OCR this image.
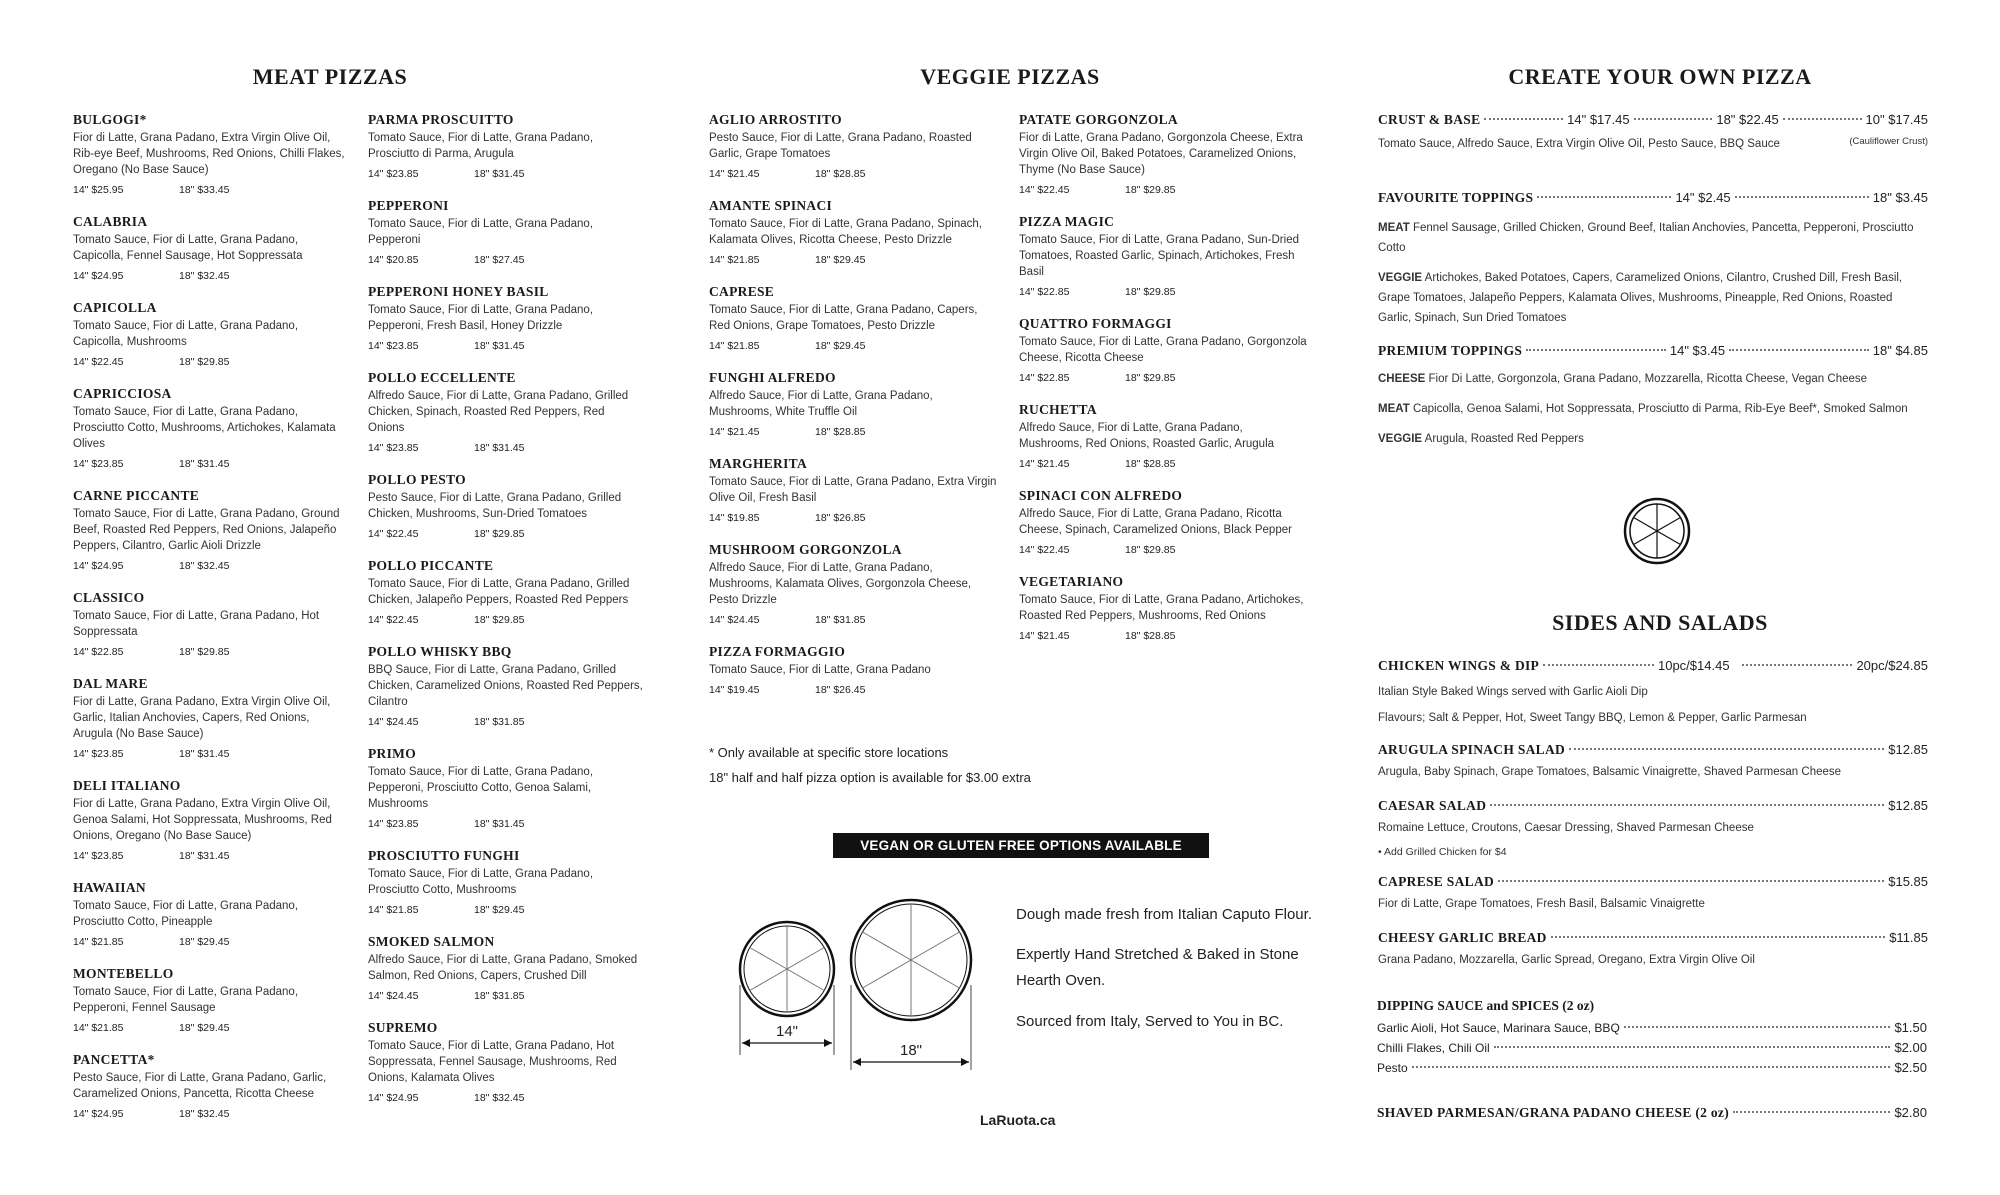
MEAT PIZZAS
BULGOGI*
Fior di Latte, Grana Padano, Extra Virgin Olive Oil, Rib-eye Beef, Mushrooms, Red Onions, Chilli Flakes, Oregano (No Base Sauce)
14" $25.95	18" $33.45
CALABRIA
Tomato Sauce, Fior di Latte, Grana Padano, Capicolla, Fennel Sausage, Hot Soppressata
14" $24.95	18" $32.45
CAPICOLLA
Tomato Sauce, Fior di Latte, Grana Padano, Capicolla, Mushrooms
14" $22.45	18" $29.85
CAPRICCIOSA
Tomato Sauce, Fior di Latte, Grana Padano, Prosciutto Cotto, Mushrooms, Artichokes, Kalamata Olives
14" $23.85	18" $31.45
CARNE PICCANTE
Tomato Sauce, Fior di Latte, Grana Padano, Ground Beef, Roasted Red Peppers, Red Onions, Jalapeño Peppers, Cilantro, Garlic Aioli Drizzle
14" $24.95	18" $32.45
CLASSICO
Tomato Sauce, Fior di Latte, Grana Padano, Hot Soppressata
14" $22.85	18" $29.85
DAL MARE
Fior di Latte, Grana Padano, Extra Virgin Olive Oil, Garlic, Italian Anchovies, Capers, Red Onions, Arugula (No Base Sauce)
14" $23.85	18" $31.45
DELI ITALIANO
Fior di Latte, Grana Padano, Extra Virgin Olive Oil, Genoa Salami, Hot Soppressata, Mushrooms, Red Onions, Oregano (No Base Sauce)
14" $23.85	18" $31.45
HAWAIIAN
Tomato Sauce, Fior di Latte, Grana Padano, Prosciutto Cotto, Pineapple
14" $21.85	18" $29.45
MONTEBELLO
Tomato Sauce, Fior di Latte, Grana Padano, Pepperoni, Fennel Sausage
14" $21.85	18" $29.45
PANCETTA*
Pesto Sauce, Fior di Latte, Grana Padano, Garlic, Caramelized Onions, Pancetta, Ricotta Cheese
14" $24.95	18" $32.45
PARMA PROSCUITTO
Tomato Sauce, Fior di Latte, Grana Padano, Prosciutto di Parma, Arugula
14" $23.85	18" $31.45
PEPPERONI
Tomato Sauce, Fior di Latte, Grana Padano, Pepperoni
14" $20.85	18" $27.45
PEPPERONI HONEY BASIL
Tomato Sauce, Fior di Latte, Grana Padano, Pepperoni, Fresh Basil, Honey Drizzle
14" $23.85	18" $31.45
POLLO ECCELLENTE
Alfredo Sauce, Fior di Latte, Grana Padano, Grilled Chicken, Spinach, Roasted Red Peppers, Red Onions
14" $23.85	18" $31.45
POLLO PESTO
Pesto Sauce, Fior di Latte, Grana Padano, Grilled Chicken, Mushrooms, Sun-Dried Tomatoes
14" $22.45	18" $29.85
POLLO PICCANTE
Tomato Sauce, Fior di Latte, Grana Padano, Grilled Chicken, Jalapeño Peppers, Roasted Red Peppers
14" $22.45	18" $29.85
POLLO WHISKY BBQ
BBQ Sauce, Fior di Latte, Grana Padano, Grilled Chicken, Caramelized Onions, Roasted Red Peppers, Cilantro
14" $24.45	18" $31.85
PRIMO
Tomato Sauce, Fior di Latte, Grana Padano, Pepperoni, Prosciutto Cotto, Genoa Salami, Mushrooms
14" $23.85	18" $31.45
PROSCIUTTO FUNGHI
Tomato Sauce, Fior di Latte, Grana Padano, Prosciutto Cotto, Mushrooms
14" $21.85	18" $29.45
SMOKED SALMON
Alfredo Sauce, Fior di Latte, Grana Padano, Smoked Salmon, Red Onions, Capers, Crushed Dill
14" $24.45	18" $31.85
SUPREMO
Tomato Sauce, Fior di Latte, Grana Padano, Hot Soppressata, Fennel Sausage, Mushrooms, Red Onions, Kalamata Olives
14" $24.95	18" $32.45
VEGGIE PIZZAS
AGLIO ARROSTITO
Pesto Sauce, Fior di Latte, Grana Padano, Roasted Garlic, Grape Tomatoes
14" $21.45	18" $28.85
AMANTE SPINACI
Tomato Sauce, Fior di Latte, Grana Padano, Spinach, Kalamata Olives, Ricotta Cheese, Pesto Drizzle
14" $21.85	18" $29.45
CAPRESE
Tomato Sauce, Fior di Latte, Grana Padano, Capers, Red Onions, Grape Tomatoes, Pesto Drizzle
14" $21.85	18" $29.45
FUNGHI ALFREDO
Alfredo Sauce, Fior di Latte, Grana Padano, Mushrooms, White Truffle Oil
14" $21.45	18" $28.85
MARGHERITA
Tomato Sauce, Fior di Latte, Grana Padano, Extra Virgin Olive Oil, Fresh Basil
14" $19.85	18" $26.85
MUSHROOM GORGONZOLA
Alfredo Sauce, Fior di Latte, Grana Padano, Mushrooms, Kalamata Olives, Gorgonzola Cheese, Pesto Drizzle
14" $24.45	18" $31.85
PIZZA FORMAGGIO
Tomato Sauce, Fior di Latte, Grana Padano
14" $19.45	18" $26.45
PATATE GORGONZOLA
Fior di Latte, Grana Padano, Gorgonzola Cheese, Extra Virgin Olive Oil, Baked Potatoes, Caramelized Onions, Thyme (No Base Sauce)
14" $22.45	18" $29.85
PIZZA MAGIC
Tomato Sauce, Fior di Latte, Grana Padano, Sun-Dried Tomatoes, Roasted Garlic, Spinach, Artichokes, Fresh Basil
14" $22.85	18" $29.85
QUATTRO FORMAGGI
Tomato Sauce, Fior di Latte, Grana Padano, Gorgonzola Cheese, Ricotta Cheese
14" $22.85	18" $29.85
RUCHETTA
Alfredo Sauce, Fior di Latte, Grana Padano, Mushrooms, Red Onions, Roasted Garlic, Arugula
14" $21.45	18" $28.85
SPINACI CON ALFREDO
Alfredo Sauce, Fior di Latte, Grana Padano, Ricotta Cheese, Spinach, Caramelized Onions, Black Pepper
14" $22.45	18" $29.85
VEGETARIANO
Tomato Sauce, Fior di Latte, Grana Padano, Artichokes, Roasted Red Peppers, Mushrooms, Red Onions
14" $21.45	18" $28.85
* Only available at specific store locations
18" half and half pizza option is available for $3.00 extra
VEGAN OR GLUTEN FREE OPTIONS AVAILABLE
14"
18"
Dough made fresh from Italian Caputo Flour.
Expertly Hand Stretched & Baked in Stone Hearth Oven.
Sourced from Italy, Served to You in BC.
LaRuota.ca
CREATE YOUR OWN PIZZA
CRUST & BASE	14" $17.45	18" $22.45	10" $17.45
Tomato Sauce, Alfredo Sauce, Extra Virgin Olive Oil, Pesto Sauce, BBQ Sauce	(Cauliflower Crust)
FAVOURITE TOPPINGS	14" $2.45	18" $3.45
MEAT Fennel Sausage, Grilled Chicken, Ground Beef, Italian Anchovies, Pancetta, Pepperoni, Prosciutto Cotto
VEGGIE Artichokes, Baked Potatoes, Capers, Caramelized Onions, Cilantro, Crushed Dill, Fresh Basil, Grape Tomatoes, Jalapeño Peppers, Kalamata Olives, Mushrooms, Pineapple, Red Onions, Roasted Garlic, Spinach, Sun Dried Tomatoes
PREMIUM TOPPINGS	14" $3.45	18" $4.85
CHEESE Fior Di Latte, Gorgonzola, Grana Padano, Mozzarella, Ricotta Cheese, Vegan Cheese
MEAT Capicolla, Genoa Salami, Hot Soppressata, Prosciutto di Parma, Rib-Eye Beef*, Smoked Salmon
VEGGIE Arugula, Roasted Red Peppers
SIDES AND SALADS
CHICKEN WINGS & DIP	10pc/$14.45	20pc/$24.85
Italian Style Baked Wings served with Garlic Aioli Dip
Flavours; Salt & Pepper, Hot, Sweet Tangy BBQ, Lemon & Pepper, Garlic Parmesan
ARUGULA SPINACH SALAD	$12.85
Arugula, Baby Spinach, Grape Tomatoes, Balsamic Vinaigrette, Shaved Parmesan Cheese
CAESAR SALAD	$12.85
Romaine Lettuce, Croutons, Caesar Dressing, Shaved Parmesan Cheese
• Add Grilled Chicken for $4
CAPRESE SALAD	$15.85
Fior di Latte, Grape Tomatoes, Fresh Basil, Balsamic Vinaigrette
CHEESY GARLIC BREAD	$11.85
Grana Padano, Mozzarella, Garlic Spread, Oregano, Extra Virgin Olive Oil
DIPPING SAUCE and SPICES (2 oz)
Garlic Aioli, Hot Sauce, Marinara Sauce, BBQ	$1.50
Chilli Flakes, Chili Oil	$2.00
Pesto	$2.50
SHAVED PARMESAN/GRANA PADANO CHEESE (2 oz)	$2.80
